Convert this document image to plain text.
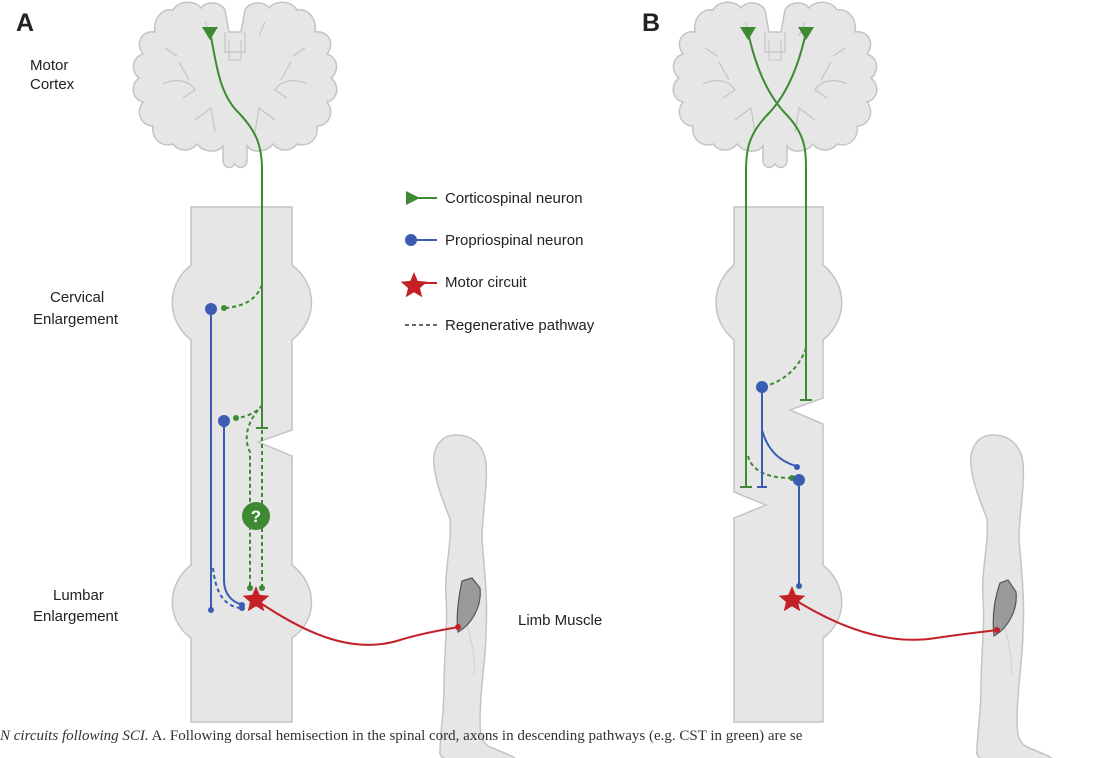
A	B
?
Motor
Cortex
Cervical
Enlargement
Lumbar
Enlargement	Limb Muscle
Corticospinal neuron
Propriospinal neuron
Motor circuit
Regenerative pathway
N circuits following SCI. A. Following dorsal hemisection in the spinal cord, axons in descending pathways (e.g. CST in green) are se
